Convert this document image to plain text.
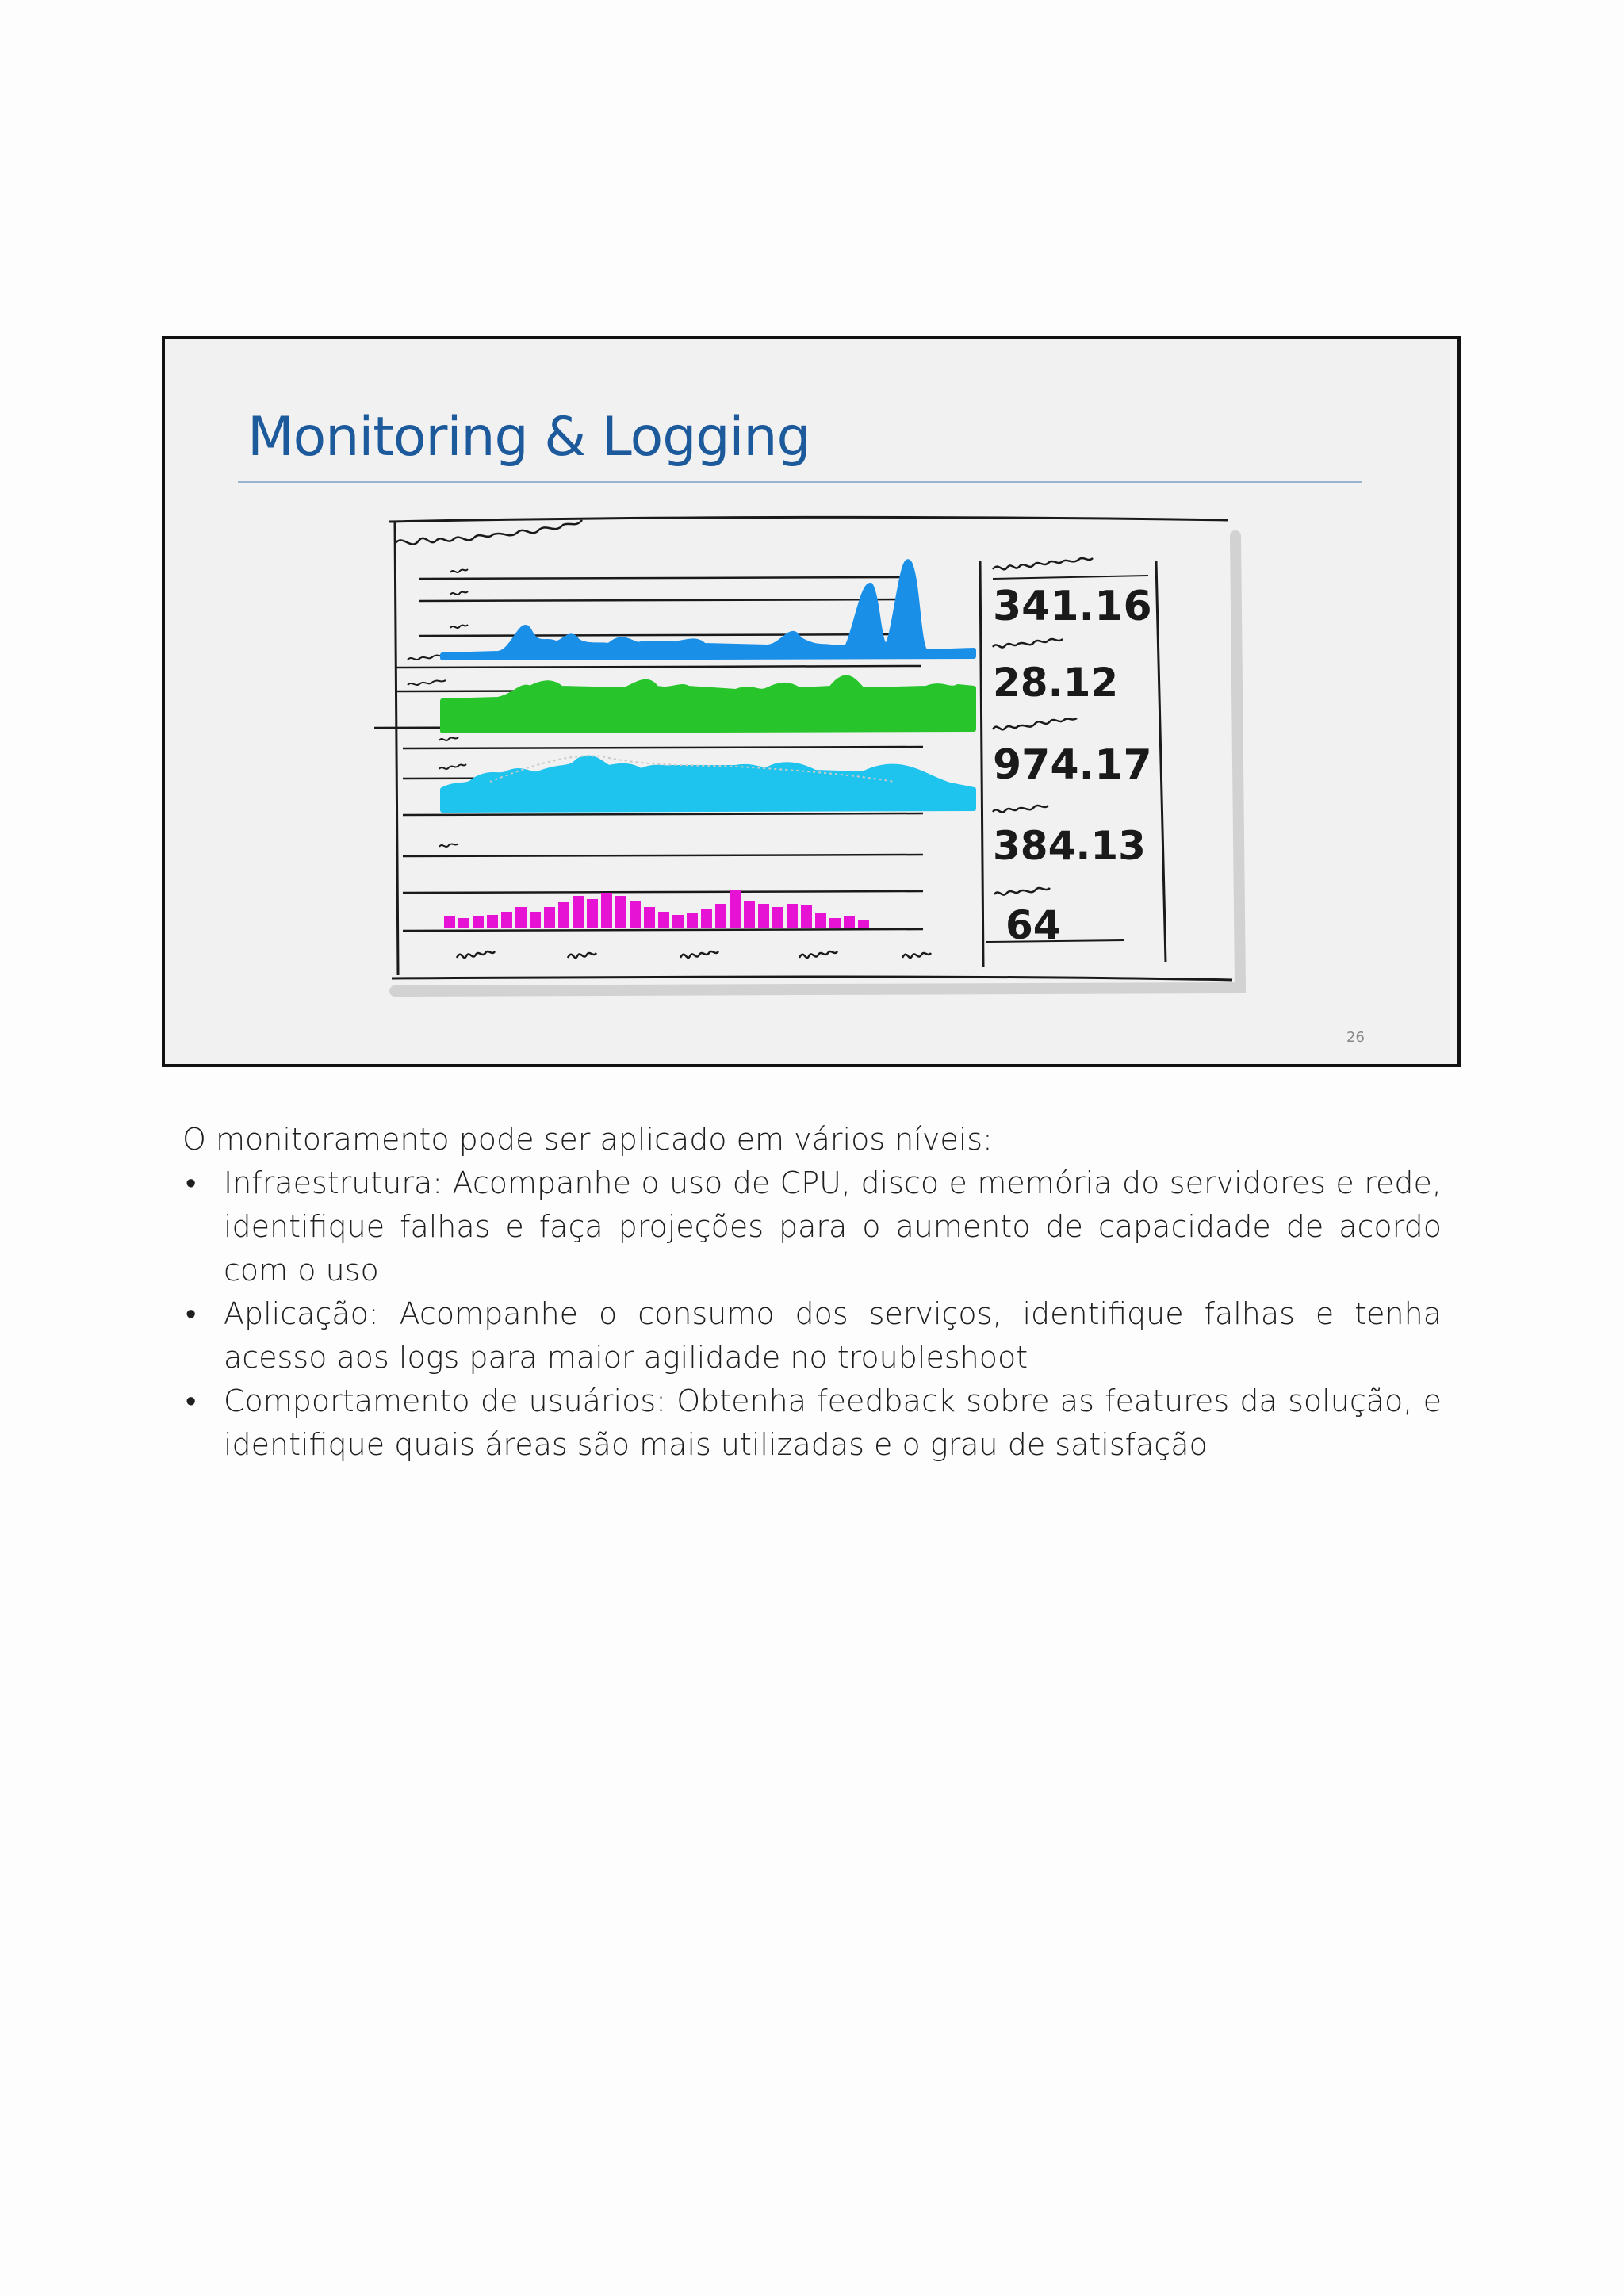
Monitoring & Logging
341.16
28.12
974.17
384.13
64
26

O monitoramento pode ser aplicado em vários níveis:

• Infraestrutura: Acompanhe o uso de CPU, disco e memória do servidores e rede, identifique falhas e faça projeções para o aumento de capacidade de acordo com o uso
• Aplicação: Acompanhe o consumo dos serviços, identifique falhas e tenha acesso aos logs para maior agilidade no troubleshoot
• Comportamento de usuários: Obtenha feedback sobre as features da solução, e identifique quais áreas são mais utilizadas e o grau de satisfação
